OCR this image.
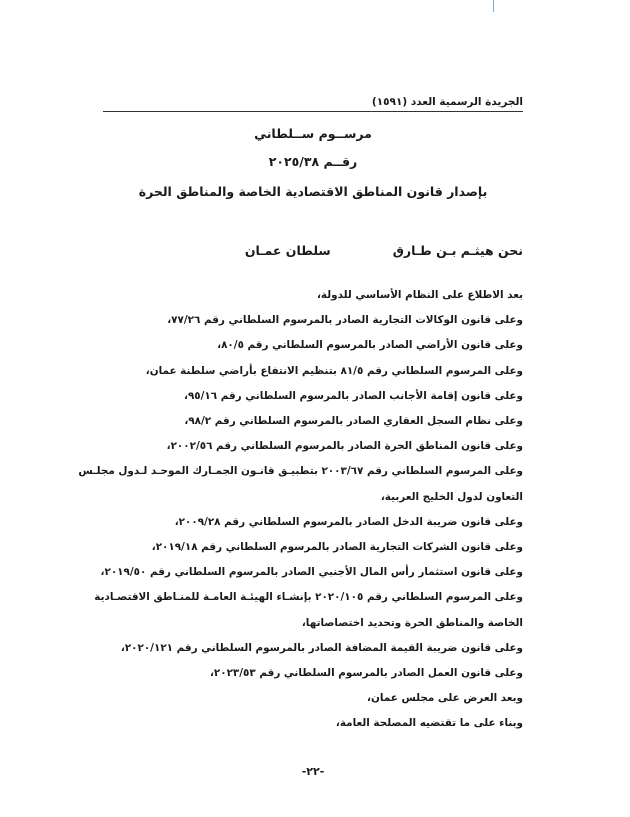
الجريدة الرسمية العدد (١٥٩١)
مرســوم ســلطاني
رقــم ٢٠٢٥/٣٨
بإصدار قانون المناطق الاقتصادية الخاصة والمناطق الحرة
نحن هيثـم بـن طـارق
سلطان عمـان

بعد الاطلاع على النظام الأساسي للدولة،

وعلى قانون الوكالات التجارية الصادر بالمرسوم السلطاني رقم ٧٧/٢٦،

وعلى قانون الأراضي الصادر بالمرسوم السلطاني رقم ٨٠/٥،

وعلى المرسوم السلطاني رقم ٨١/٥ بتنظيم الانتفاع بأراضي سلطنة عمان،

وعلى قانون إقامة الأجانب الصادر بالمرسوم السلطاني رقم ٩٥/١٦،

وعلى نظام السجل العقاري الصادر بالمرسوم السلطاني رقم ٩٨/٢،

وعلى قانون المناطق الحرة الصادر بالمرسوم السلطاني رقم ٢٠٠٢/٥٦،

وعلى المرسوم السلطاني رقم ٢٠٠٣/٦٧ بتطبيـق قانـون الجمـارك الموحـد لـدول مجلـس

التعاون لدول الخليج العربية،

وعلى قانون ضريبة الدخل الصادر بالمرسوم السلطاني رقم ٢٠٠٩/٢٨،

وعلى قانون الشركات التجارية الصادر بالمرسوم السلطاني رقم ٢٠١٩/١٨،

وعلى قانون استثمار رأس المال الأجنبي الصادر بالمرسوم السلطاني رقم ٢٠١٩/٥٠،

وعلى المرسوم السلطاني رقم ٢٠٢٠/١٠٥ بإنشـاء الهيئـة العامـة للمنـاطق الاقتصـادية

الخاصة والمناطق الحرة وتحديد اختصاصاتها،

وعلى قانون ضريبة القيمة المضافة الصادر بالمرسوم السلطاني رقم ٢٠٢٠/١٢١،

وعلى قانون العمل الصادر بالمرسوم السلطاني رقم ٢٠٢٣/٥٣،

وبعد العرض على مجلس عمان،

وبناء على ما تقتضيه المصلحة العامة،

-٢٢-
